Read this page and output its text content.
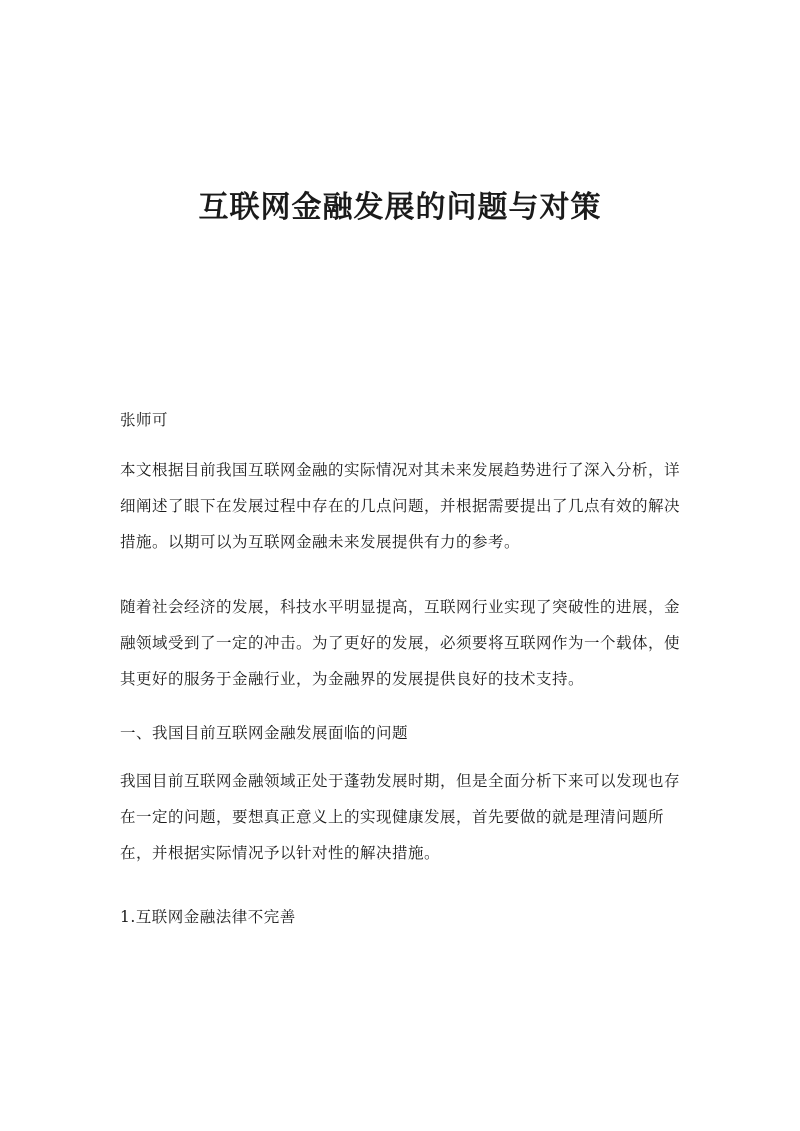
互联网金融发展的问题与对策

张师可

本文根据目前我国互联网金融的实际情况对其未来发展趋势进行了深入分析，详细阐述了眼下在发展过程中存在的几点问题，并根据需要提出了几点有效的解决措施。以期可以为互联网金融未来发展提供有力的参考。

随着社会经济的发展，科技水平明显提高，互联网行业实现了突破性的进展，金融领域受到了一定的冲击。为了更好的发展，必须要将互联网作为一个载体，使其更好的服务于金融行业，为金融界的发展提供良好的技术支持。

一、我国目前互联网金融发展面临的问题

我国目前互联网金融领域正处于蓬勃发展时期，但是全面分析下来可以发现也存在一定的问题，要想真正意义上的实现健康发展，首先要做的就是理清问题所在，并根据实际情况予以针对性的解决措施。

1.互联网金融法律不完善
